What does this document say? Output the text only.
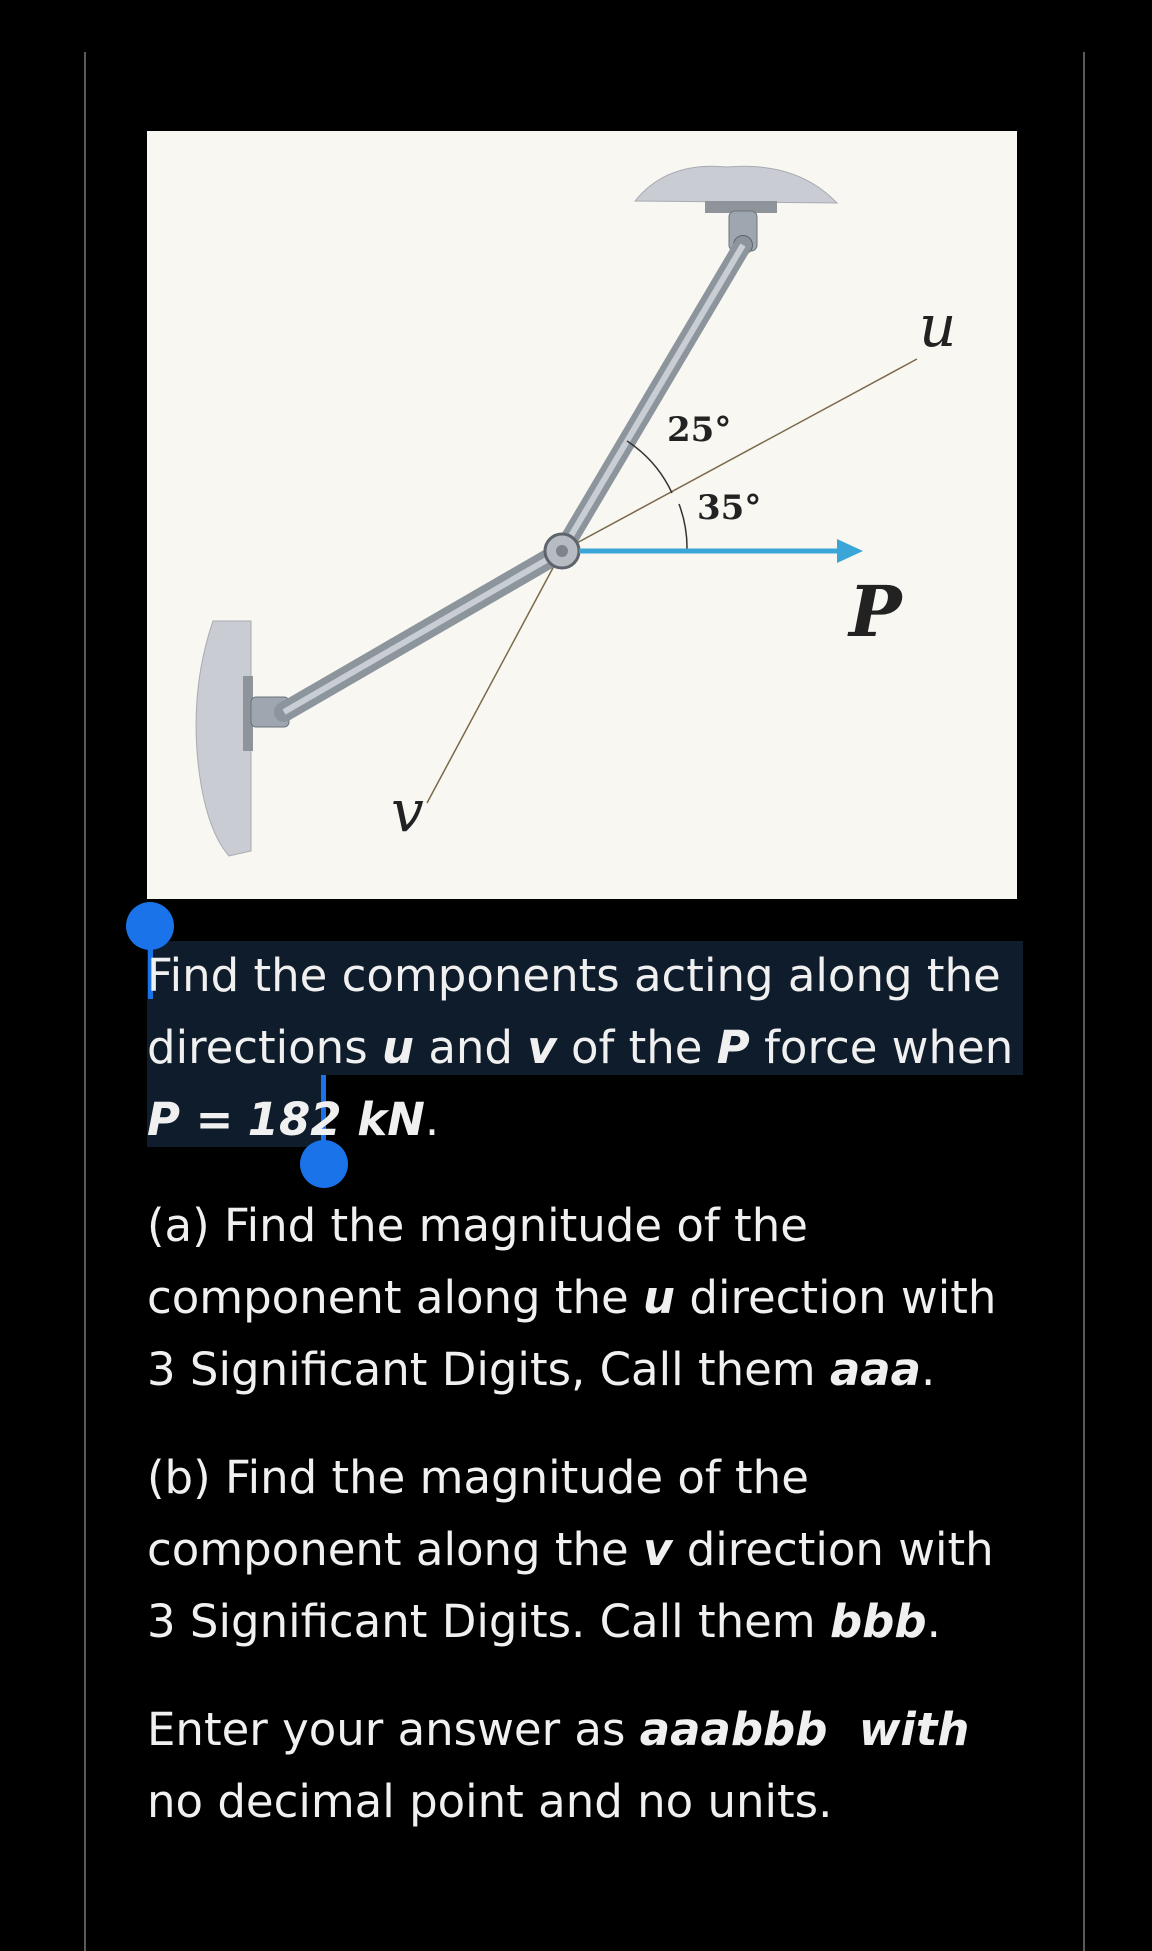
25°
35°
u
v
P

Find the components acting along the directions u and v of the P force when P = 182 kN.

(a) Find the magnitude of the component along the u direction with 3 Significant Digits, Call them aaa.

(b) Find the magnitude of the component along the v direction with 3 Significant Digits. Call them bbb.

Enter your answer as aaabbb  with no decimal point and no units.
